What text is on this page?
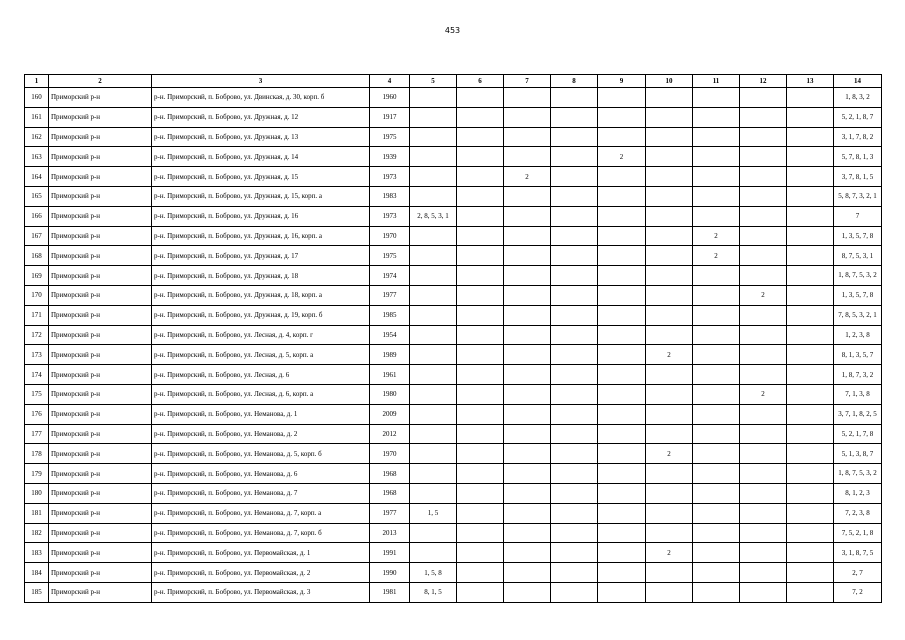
453
1	2	3	4	5	6	7	8	9	10	11	12	13	14
160	Приморский р-н	р-н. Приморский, п. Боброво, ул. Двинская, д. 30, корп. б	1960										1, 8, 3, 2
161	Приморский р-н	р-н. Приморский, п. Боброво, ул. Дружная, д. 12	1917										5, 2, 1, 8, 7
162	Приморский р-н	р-н. Приморский, п. Боброво, ул. Дружная, д. 13	1975										3, 1, 7, 8, 2
163	Приморский р-н	р-н. Приморский, п. Боброво, ул. Дружная, д. 14	1939					2					5, 7, 8, 1, 3
164	Приморский р-н	р-н. Приморский, п. Боброво, ул. Дружная, д. 15	1973			2							3, 7, 8, 1, 5
165	Приморский р-н	р-н. Приморский, п. Боброво, ул. Дружная, д. 15, корп. а	1983										5, 8, 7, 3, 2, 1
166	Приморский р-н	р-н. Приморский, п. Боброво, ул. Дружная, д. 16	1973	2, 8, 5, 3, 1									7
167	Приморский р-н	р-н. Приморский, п. Боброво, ул. Дружная, д. 16, корп. а	1970							2			1, 3, 5, 7, 8
168	Приморский р-н	р-н. Приморский, п. Боброво, ул. Дружная, д. 17	1975							2			8, 7, 5, 3, 1
169	Приморский р-н	р-н. Приморский, п. Боброво, ул. Дружная, д. 18	1974										1, 8, 7, 5, 3, 2
170	Приморский р-н	р-н. Приморский, п. Боброво, ул. Дружная, д. 18, корп. а	1977								2		1, 3, 5, 7, 8
171	Приморский р-н	р-н. Приморский, п. Боброво, ул. Дружная, д. 19, корп. б	1985										7, 8, 5, 3, 2, 1
172	Приморский р-н	р-н. Приморский, п. Боброво, ул. Лесная, д. 4, корп. г	1954										1, 2, 3, 8
173	Приморский р-н	р-н. Приморский, п. Боброво, ул. Лесная, д. 5, корп. а	1989						2				8, 1, 3, 5, 7
174	Приморский р-н	р-н. Приморский, п. Боброво, ул. Лесная, д. 6	1961										1, 8, 7, 3, 2
175	Приморский р-н	р-н. Приморский, п. Боброво, ул. Лесная, д. 6, корп. а	1980								2		7, 1, 3, 8
176	Приморский р-н	р-н. Приморский, п. Боброво, ул. Неманова, д. 1	2009										3, 7, 1, 8, 2, 5
177	Приморский р-н	р-н. Приморский, п. Боброво, ул. Неманова, д. 2	2012										5, 2, 1, 7, 8
178	Приморский р-н	р-н. Приморский, п. Боброво, ул. Неманова, д. 5, корп. б	1970						2				5, 1, 3, 8, 7
179	Приморский р-н	р-н. Приморский, п. Боброво, ул. Неманова, д. 6	1968										1, 8, 7, 5, 3, 2
180	Приморский р-н	р-н. Приморский, п. Боброво, ул. Неманова, д. 7	1968										8, 1, 2, 3
181	Приморский р-н	р-н. Приморский, п. Боброво, ул. Неманова, д. 7, корп. а	1977	1, 5									7, 2, 3, 8
182	Приморский р-н	р-н. Приморский, п. Боброво, ул. Неманова, д. 7, корп. б	2013										7, 5, 2, 1, 8
183	Приморский р-н	р-н. Приморский, п. Боброво, ул. Первомайская, д. 1	1991						2				3, 1, 8, 7, 5
184	Приморский р-н	р-н. Приморский, п. Боброво, ул. Первомайская, д. 2	1990	1, 5, 8									2, 7
185	Приморский р-н	р-н. Приморский, п. Боброво, ул. Первомайская, д. 3	1981	8, 1, 5									7, 2
